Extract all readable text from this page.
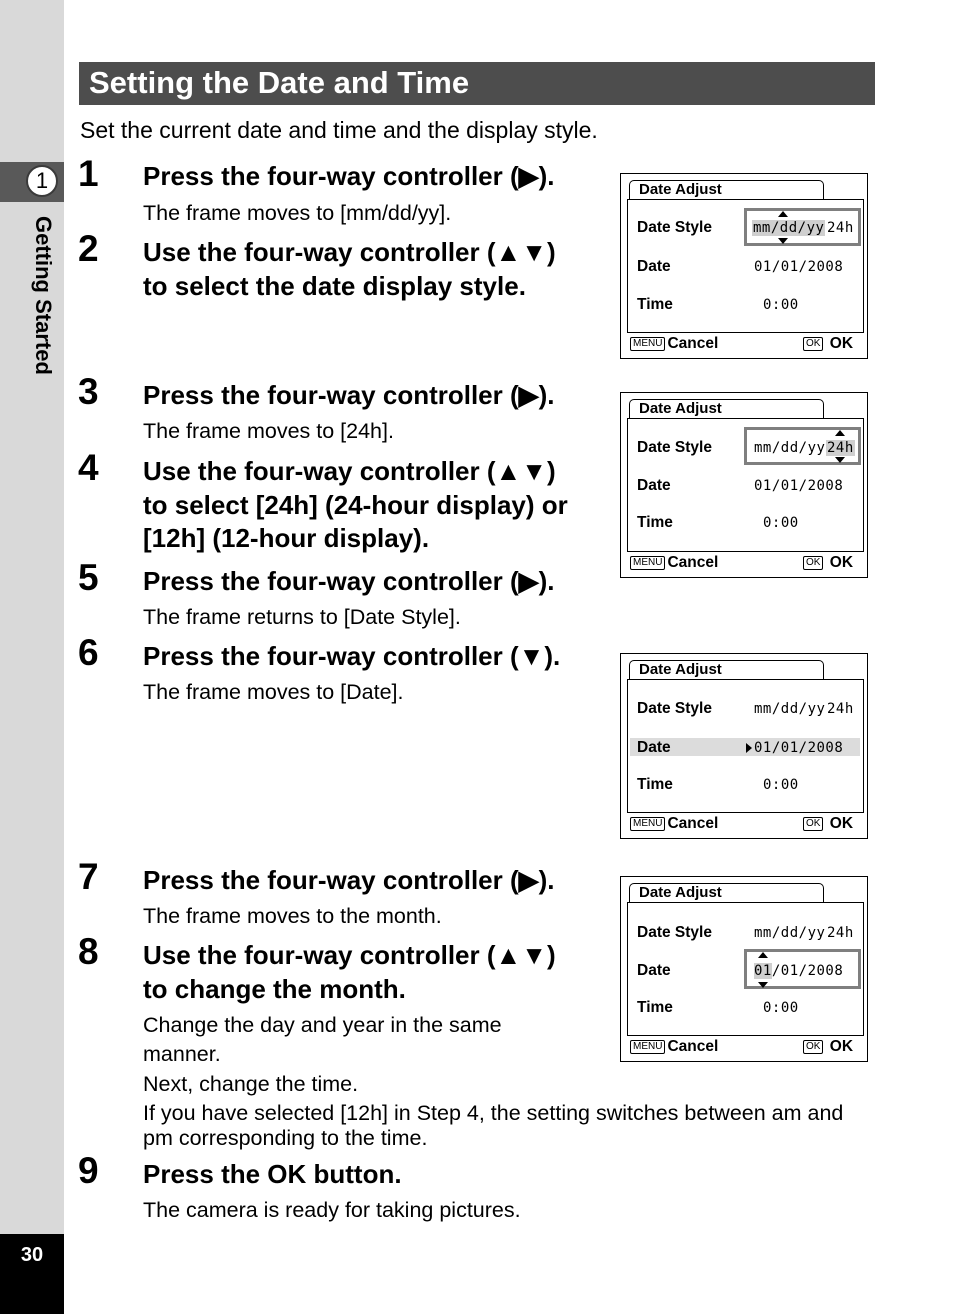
1
Getting Started
30
Setting the Date and Time
Set the current date and time and the display style.
1 Press the four-way controller (▶).
The frame moves to [mm/dd/yy].
2 Use the four-way controller (▲▼)
to select the date display style.
3 Press the four-way controller (▶).
The frame moves to [24h].
4 Use the four-way controller (▲▼)
to select [24h] (24-hour display) or
[12h] (12-hour display).
5 Press the four-way controller (▶).
The frame returns to [Date Style].
6 Press the four-way controller (▼).
The frame moves to [Date].
7 Press the four-way controller (▶).
The frame moves to the month.
8 Use the four-way controller (▲▼)
to change the month.
Change the day and year in the same
manner.
Next, change the time.
If you have selected [12h] in Step 4, the setting switches between am and pm corresponding to the time.
9 Press the OK button.
The camera is ready for taking pictures.
Date Adjust
Date Style	mm/dd/yy 24h
Date	01/01/2008
Time	0:00
MENU Cancel	OK OK
Date Adjust
Date Style	mm/dd/yy 24h
Date	01/01/2008
Time	0:00
MENU Cancel	OK OK
Date Adjust
Date Style	mm/dd/yy 24h
Date	01/01/2008
Time	0:00
MENU Cancel	OK OK
Date Adjust
Date Style	mm/dd/yy 24h
Date	01/01/2008
Time	0:00
MENU Cancel	OK OK
